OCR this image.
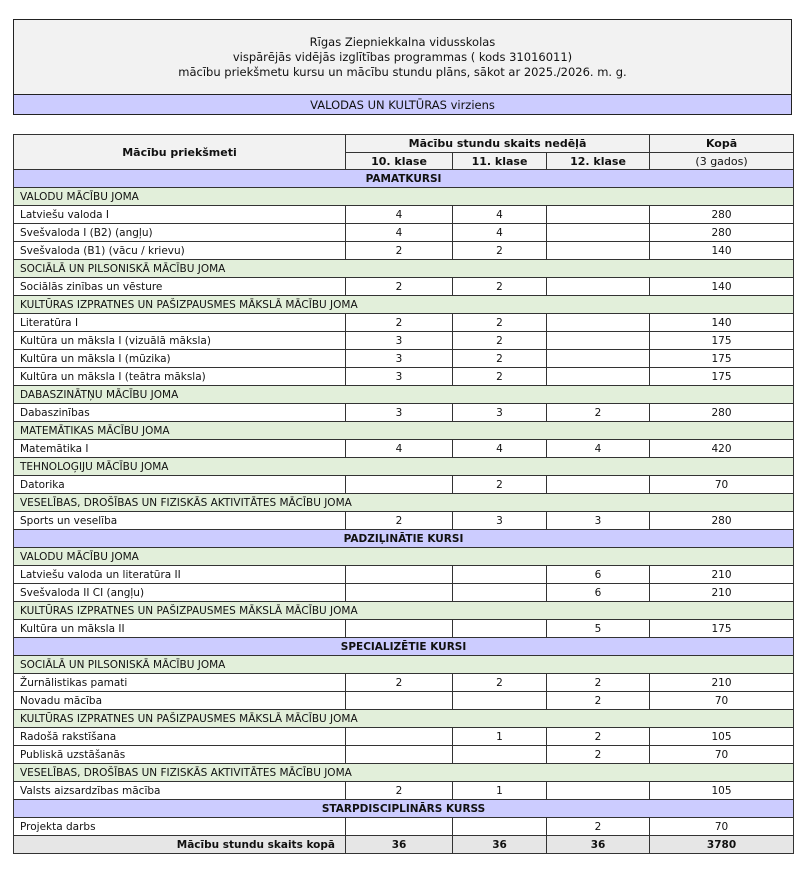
Rīgas Ziepniekkalna vidusskolas
vispārējās vidējās izglītības programmas ( kods 31016011)
mācību priekšmetu kursu un mācību stundu plāns, sākot ar 2025./2026. m. g.
VALODAS UN KULTŪRAS virziens
Mācību priekšmeti	Mācību stundu skaits nedēļā			Kopā
	10. klase	11. klase	12. klase	(3 gados)
PAMATKURSI				
VALODU MĀCĪBU JOMA				
Latviešu valoda I	4	4		280
Svešvaloda I (B2) (angļu)	4	4		280
Svešvaloda (B1) (vācu / krievu)	2	2		140
SOCIĀLĀ UN PILSONISKĀ MĀCĪBU JOMA				
Sociālās zinības un vēsture	2	2		140
KULTŪRAS IZPRATNES UN PAŠIZPAUSMES MĀKSLĀ MĀCĪBU JOMA				
Literatūra I	2	2		140
Kultūra un māksla I (vizuālā māksla)	3	2		175
Kultūra un māksla I (mūzika)	3	2		175
Kultūra un māksla I (teātra māksla)	3	2		175
DABASZINĀTŅU MĀCĪBU JOMA				
Dabaszinības	3	3	2	280
MATEMĀTIKAS MĀCĪBU JOMA				
Matemātika I	4	4	4	420
TEHNOLOĢIJU MĀCĪBU JOMA				
Datorika		2		70
VESELĪBAS, DROŠĪBAS UN FIZISKĀS AKTIVITĀTES MĀCĪBU JOMA				
Sports un veselība	2	3	3	280
PADZIĻINĀTIE KURSI				
VALODU MĀCĪBU JOMA				
Latviešu valoda un literatūra II			6	210
Svešvaloda II CI (angļu)			6	210
KULTŪRAS IZPRATNES UN PAŠIZPAUSMES MĀKSLĀ MĀCĪBU JOMA				
Kultūra un māksla II			5	175
SPECIALIZĒTIE KURSI				
SOCIĀLĀ UN PILSONISKĀ MĀCĪBU JOMA				
Žurnālistikas pamati	2	2	2	210
Novadu mācība			2	70
KULTŪRAS IZPRATNES UN PAŠIZPAUSMES MĀKSLĀ MĀCĪBU JOMA				
Radošā rakstīšana		1	2	105
Publiskā uzstāšanās			2	70
VESELĪBAS, DROŠĪBAS UN FIZISKĀS AKTIVITĀTES MĀCĪBU JOMA				
Valsts aizsardzības mācība	2	1		105
STARPDISCIPLINĀRS KURSS				
Projekta darbs			2	70
Mācību stundu skaits kopā	36	36	36	3780
